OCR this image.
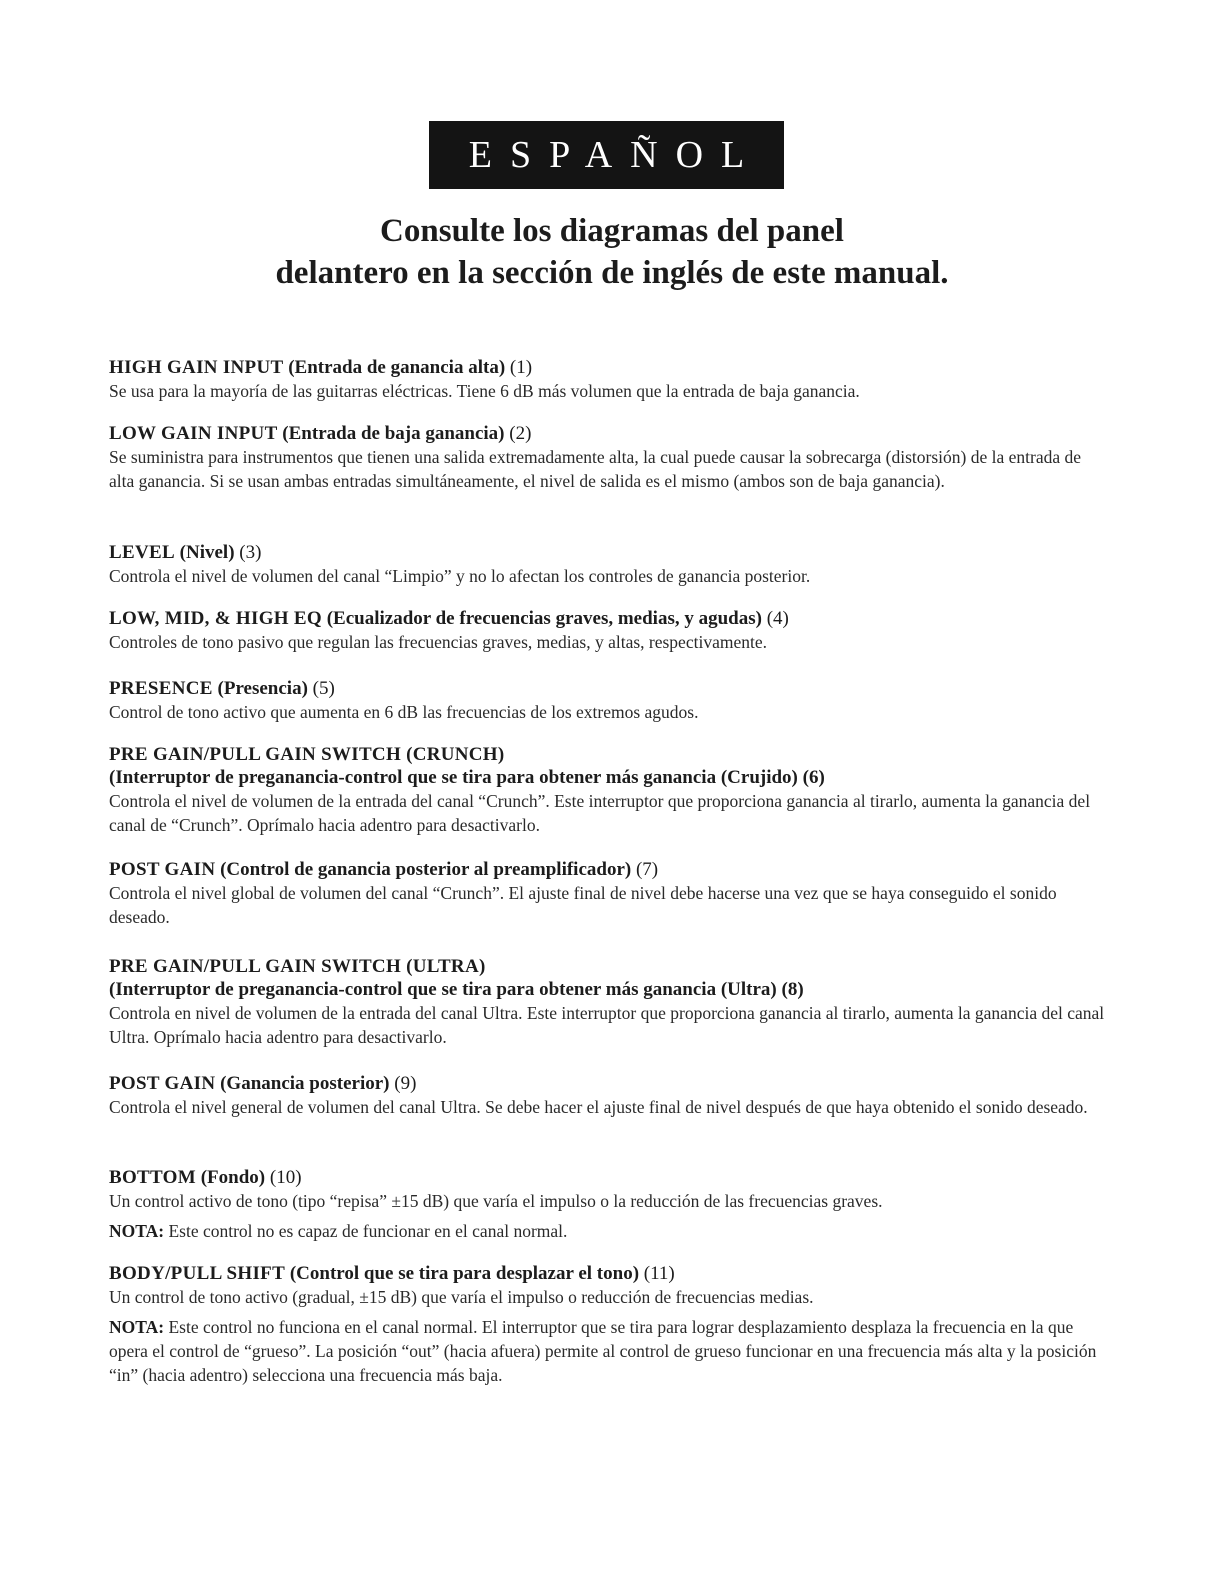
ESPAÑOL
Consulte los diagramas del panel
delantero en la sección de inglés de este manual.

HIGH GAIN INPUT (Entrada de ganancia alta) (1)

Se usa para la mayoría de las guitarras eléctricas. Tiene 6 dB más volumen que la entrada de baja ganancia.

LOW GAIN INPUT (Entrada de baja ganancia) (2)

Se suministra para instrumentos que tienen una salida extremadamente alta, la cual puede causar la sobrecarga (distorsión) de la entrada de alta ganancia. Si se usan ambas entradas simultáneamente, el nivel de salida es el mismo (ambos son de baja ganancia).

LEVEL (Nivel) (3)

Controla el nivel de volumen del canal “Limpio” y no lo afectan los controles de ganancia posterior.

LOW, MID, & HIGH EQ (Ecualizador de frecuencias graves, medias, y agudas) (4)

Controles de tono pasivo que regulan las frecuencias graves, medias, y altas, respectivamente.

PRESENCE (Presencia) (5)

Control de tono activo que aumenta en 6 dB las frecuencias de los extremos agudos.

PRE GAIN/PULL GAIN SWITCH (CRUNCH)

(Interruptor de preganancia-control que se tira para obtener más ganancia (Crujido) (6)

Controla el nivel de volumen de la entrada del canal “Crunch”. Este interruptor que proporciona ganancia al tirarlo, aumenta la ganancia del canal de “Crunch”. Oprímalo hacia adentro para desactivarlo.

POST GAIN (Control de ganancia posterior al preamplificador) (7)

Controla el nivel global de volumen del canal “Crunch”. El ajuste final de nivel debe hacerse una vez que se haya conseguido el sonido deseado.

PRE GAIN/PULL GAIN SWITCH (ULTRA)

(Interruptor de preganancia-control que se tira para obtener más ganancia (Ultra) (8)

Controla en nivel de volumen de la entrada del canal Ultra. Este interruptor que proporciona ganancia al tirarlo, aumenta la ganancia del canal Ultra. Oprímalo hacia adentro para desactivarlo.

POST GAIN (Ganancia posterior) (9)

Controla el nivel general de volumen del canal Ultra. Se debe hacer el ajuste final de nivel después de que haya obtenido el sonido deseado.

BOTTOM (Fondo) (10)

Un control activo de tono (tipo “repisa” ±15 dB) que varía el impulso o la reducción de las frecuencias graves.

NOTA: Este control no es capaz de funcionar en el canal normal.

BODY/PULL SHIFT (Control que se tira para desplazar el tono) (11)

Un control de tono activo (gradual, ±15 dB) que varía el impulso o reducción de frecuencias medias.

NOTA: Este control no funciona en el canal normal. El interruptor que se tira para lograr desplazamiento desplaza la frecuencia en la que opera el control de “grueso”. La posición “out” (hacia afuera) permite al control de grueso funcionar en una frecuencia más alta y la posición “in” (hacia adentro) selecciona una frecuencia más baja.
